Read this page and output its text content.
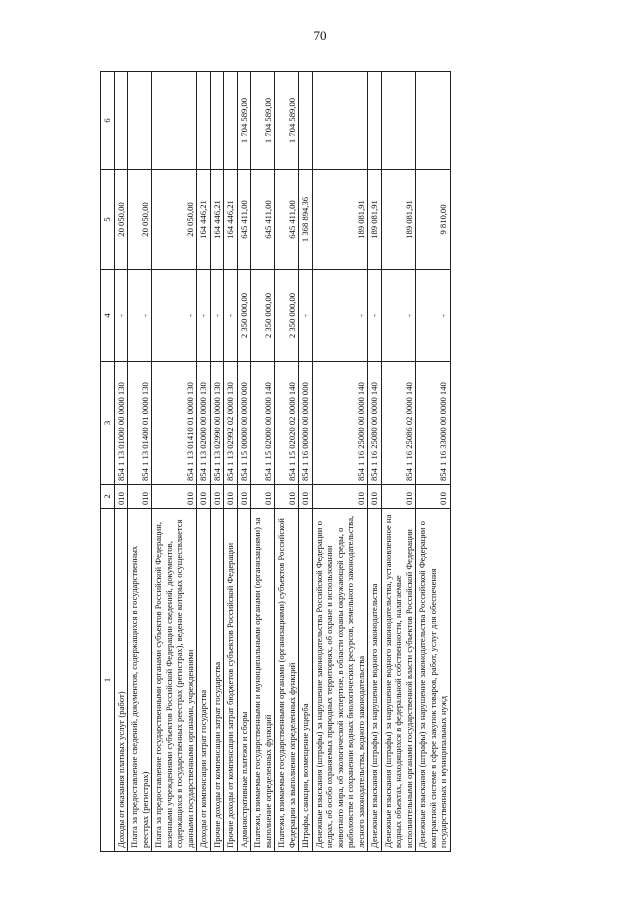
70
1	2	3	4	5	6
Доходы от оказания платных услуг (работ)	010	854 1 13 01000 00 0000 130	-	20 050,00	
Плата за предоставление сведений, документов, содержащихся в государственных реестрах (регистрах)	010	854 1 13 01400 01 0000 130	-	20 050,00	
Плата за предоставление государственными органами субъектов Российской Федерации, казенными учреждениями субъектов Российской Федерации сведений, документов, содержащихся в государственных реестрах (регистрах), ведение которых осуществляется данными государственными органами, учреждениями	010	854 1 13 01410 01 0000 130	-	20 050,00	
Доходы от компенсации затрат государства	010	854 1 13 02000 00 0000 130	-	164 446,21	
Прочие доходы от компенсации затрат государства	010	854 1 13 02990 00 0000 130	-	164 446,21	
Прочие доходы от компенсации затрат бюджетов субъектов Российской Федерации	010	854 1 13 02992 02 0000 130	-	164 446,21	
Административные платежи и сборы	010	854 1 15 00000 00 0000 000	2 350 000,00	645 411,00	1 704 589,00
Платежи, взимаемые государственными и муниципальными органами (организациями) за выполнение определенных функций	010	854 1 15 02000 00 0000 140	2 350 000,00	645 411,00	1 704 589,00
Платежи, взимаемые государственными органами (организациями) субъектов Российской Федерации за выполнение определенных функций	010	854 1 15 02020 02 0000 140	2 350 000,00	645 411,00	1 704 589,00
Штрафы, санкции, возмещение ущерба	010	854 1 16 00000 00 0000 000	-	1 368 894,36	
Денежные взыскания (штрафы) за нарушение законодательства Российской Федерации о недрах, об особо охраняемых природных территориях, об охране и использовании животного мира, об экологической экспертизе, в области охраны окружающей среды, о рыболовстве и сохранении водных биологических ресурсов, земельного законодательства, лесного законодательства, водного законодательства	010	854 1 16 25000 00 0000 140	-	189 081,91	
Денежные взыскания (штрафы) за нарушение водного законодательства	010	854 1 16 25080 00 0000 140	-	189 081,91	
Денежные взыскания (штрафы) за нарушение водного законодательства, установленное на водных объектах, находящихся в федеральной собственности, налагаемые исполнительными органами государственной власти субъектов Российской Федерации	010	854 1 16 25086 02 0000 140	-	189 081,91	
Денежные взыскания (штрафы) за нарушение законодательства Российской Федерации о контрактной системе в сфере закупок товаров, работ, услуг для обеспечения государственных и муниципальных нужд	010	854 1 16 33000 00 0000 140	-	9 810,00	
